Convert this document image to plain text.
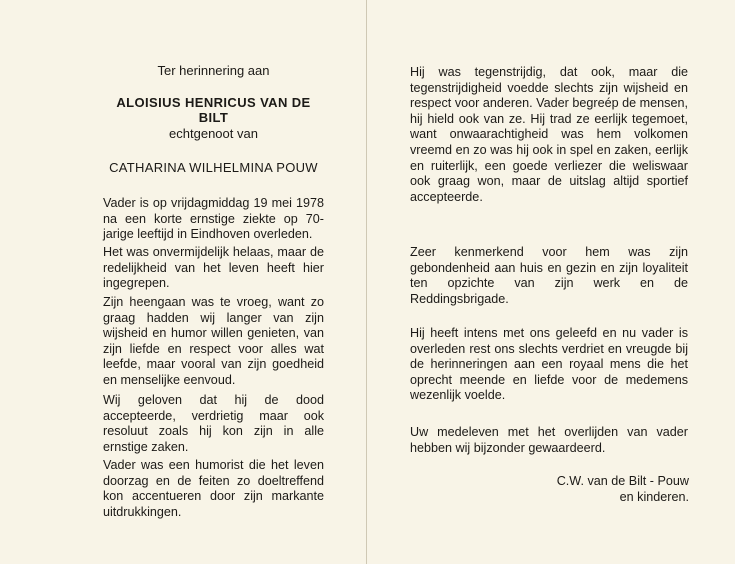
Ter herinnering aan
ALOISIUS HENRICUS VAN DE BILT
echtgenoot van
CATHARINA WILHELMINA POUW
Vader is op vrijdagmiddag 19 mei 1978 na een korte ernstige ziekte op 70-jarige leeftijd in Eindhoven overleden.
Het was onvermijdelijk helaas, maar de redelijkheid van het leven heeft hier ingegrepen.
Zijn heengaan was te vroeg, want zo graag hadden wij langer van zijn wijsheid en humor willen genieten, van zijn liefde en respect voor alles wat leefde, maar vooral van zijn goedheid en menselijke eenvoud.
Wij geloven dat hij de dood accepteerde, verdrietig maar ook resoluut zoals hij kon zijn in alle ernstige zaken.
Vader was een humorist die het leven doorzag en de feiten zo doeltreffend kon accentueren door zijn markante uitdrukkingen.
Hij was tegenstrijdig, dat ook, maar die tegenstrijdigheid voedde slechts zijn wijsheid en respect voor anderen. Vader begreép de mensen, hij hield ook van ze. Hij trad ze eerlijk tegemoet, want onwaarachtigheid was hem volkomen vreemd en zo was hij ook in spel en zaken, eerlijk en ruiterlijk, een goede verliezer die weliswaar ook graag won, maar de uitslag altijd sportief accepteerde.
Zeer kenmerkend voor hem was zijn gebondenheid aan huis en gezin en zijn loyaliteit ten opzichte van zijn werk en de Reddingsbrigade.
Hij heeft intens met ons geleefd en nu vader is overleden rest ons slechts verdriet en vreugde bij de herinneringen aan een royaal mens die het oprecht meende en liefde voor de medemens wezenlijk voelde.
Uw medeleven met het overlijden van vader hebben wij bijzonder gewaardeerd.
C.W. van de Bilt - Pouw
en kinderen.
